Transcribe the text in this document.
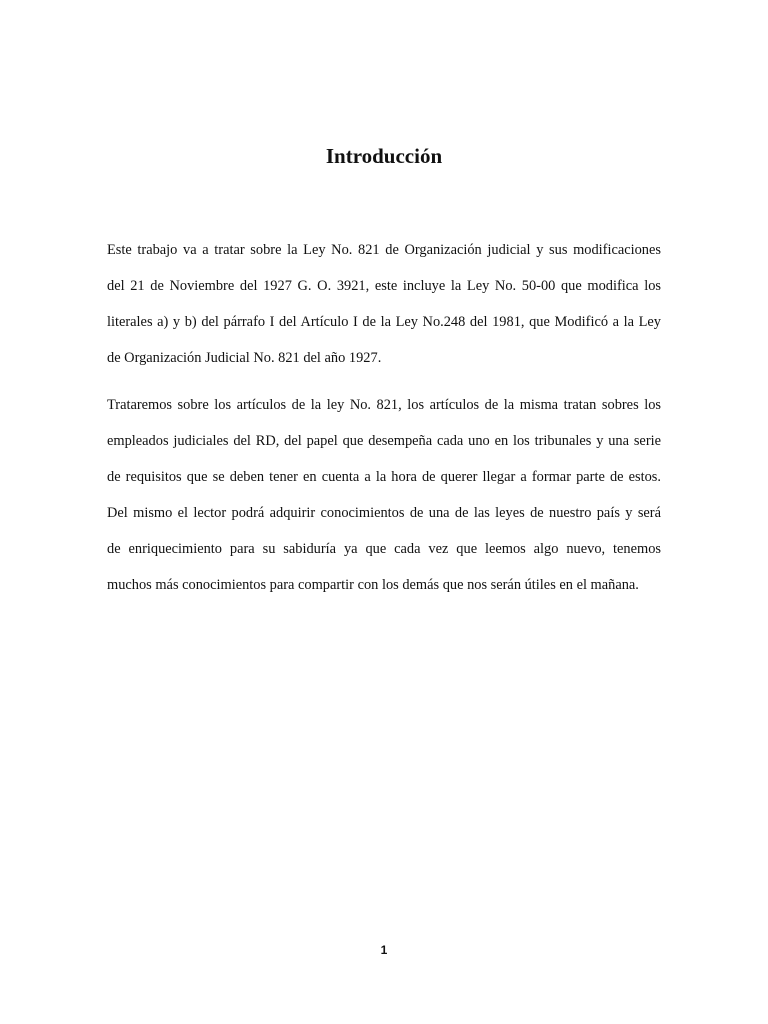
Introducción
Este trabajo va a tratar sobre la Ley No. 821 de Organización judicial y sus modificaciones
del 21 de Noviembre del 1927 G. O. 3921, este incluye la Ley No. 50-00 que modifica los
literales a) y b) del párrafo I del Artículo I de la Ley No.248 del 1981, que Modificó a la Ley
de Organización Judicial No. 821 del año 1927.
Trataremos sobre los artículos de la ley No. 821, los artículos de la misma tratan sobres los
empleados judiciales del RD, del papel que desempeña cada uno en los tribunales y una serie
de requisitos que se deben tener en cuenta a la hora de querer llegar a formar parte de estos.
Del mismo el lector podrá adquirir conocimientos de una de las leyes de nuestro país y será
de enriquecimiento para su sabiduría ya que cada vez que leemos algo nuevo, tenemos
muchos más conocimientos para compartir con los demás que nos serán útiles en el mañana.

1
